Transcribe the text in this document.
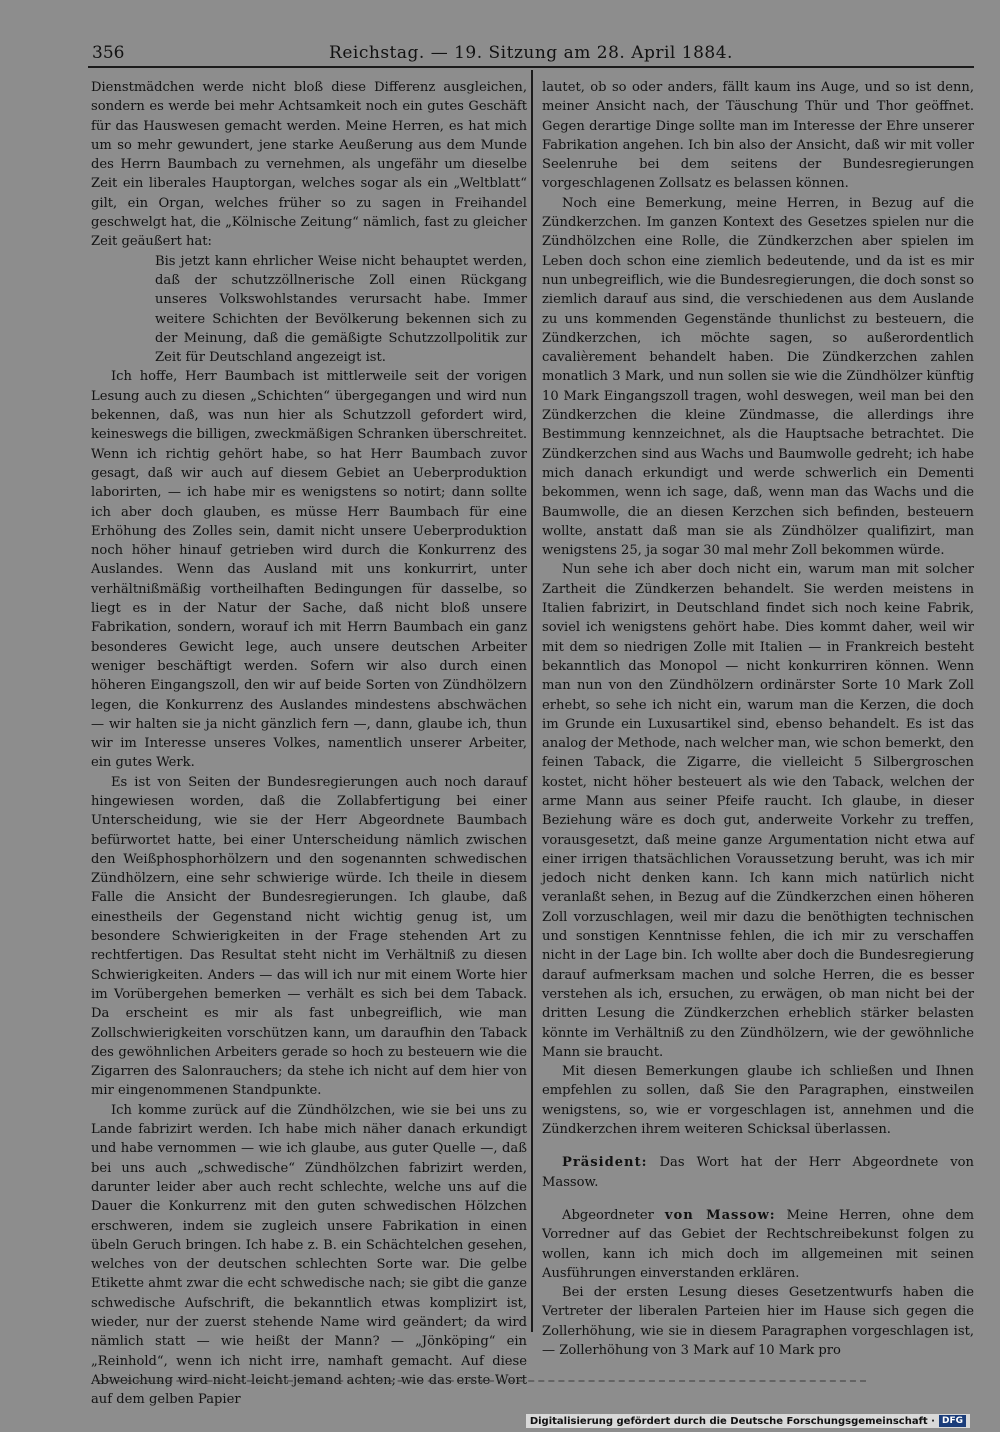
356	Reichstag. — 19. Sitzung am 28. April 1884.

Dienstmädchen werde nicht bloß diese Differenz ausgleichen, sondern es werde bei mehr Achtsamkeit noch ein gutes Geschäft für das Hauswesen gemacht werden. Meine Herren, es hat mich um so mehr gewundert, jene starke Aeußerung aus dem Munde des Herrn Baumbach zu vernehmen, als ungefähr um dieselbe Zeit ein liberales Hauptorgan, welches sogar als ein „Weltblatt“ gilt, ein Organ, welches früher so zu sagen in Freihandel geschwelgt hat, die „Kölnische Zeitung“ nämlich, fast zu gleicher Zeit geäußert hat:

Bis jetzt kann ehrlicher Weise nicht behauptet werden, daß der schutzzöllnerische Zoll einen Rückgang unseres Volkswohlstandes verursacht habe. Immer weitere Schichten der Bevölkerung bekennen sich zu der Meinung, daß die gemäßigte Schutzzollpolitik zur Zeit für Deutschland angezeigt ist.

Ich hoffe, Herr Baumbach ist mittlerweile seit der vorigen Lesung auch zu diesen „Schichten“ übergegangen und wird nun bekennen, daß, was nun hier als Schutzzoll gefordert wird, keineswegs die billigen, zweckmäßigen Schranken überschreitet. Wenn ich richtig gehört habe, so hat Herr Baumbach zuvor gesagt, daß wir auch auf diesem Gebiet an Ueberproduktion laborirten, — ich habe mir es wenigstens so notirt; dann sollte ich aber doch glauben, es müsse Herr Baumbach für eine Erhöhung des Zolles sein, damit nicht unsere Ueberproduktion noch höher hinauf getrieben wird durch die Konkurrenz des Auslandes. Wenn das Ausland mit uns konkurrirt, unter verhältnißmäßig vortheilhaften Bedingungen für dasselbe, so liegt es in der Natur der Sache, daß nicht bloß unsere Fabrikation, sondern, worauf ich mit Herrn Baumbach ein ganz besonderes Gewicht lege, auch unsere deutschen Arbeiter weniger beschäftigt werden. Sofern wir also durch einen höheren Eingangszoll, den wir auf beide Sorten von Zündhölzern legen, die Konkurrenz des Auslandes mindestens abschwächen — wir halten sie ja nicht gänzlich fern —, dann, glaube ich, thun wir im Interesse unseres Volkes, namentlich unserer Arbeiter, ein gutes Werk.

Es ist von Seiten der Bundesregierungen auch noch darauf hingewiesen worden, daß die Zollabfertigung bei einer Unterscheidung, wie sie der Herr Abgeordnete Baumbach befürwortet hatte, bei einer Unterscheidung nämlich zwischen den Weißphosphorhölzern und den sogenannten schwedischen Zündhölzern, eine sehr schwierige würde. Ich theile in diesem Falle die Ansicht der Bundesregierungen. Ich glaube, daß einestheils der Gegenstand nicht wichtig genug ist, um besondere Schwierigkeiten in der Frage stehenden Art zu rechtfertigen. Das Resultat steht nicht im Verhältniß zu diesen Schwierigkeiten. Anders — das will ich nur mit einem Worte hier im Vorübergehen bemerken — verhält es sich bei dem Taback. Da erscheint es mir als fast unbegreiflich, wie man Zollschwierigkeiten vorschützen kann, um daraufhin den Taback des gewöhnlichen Arbeiters gerade so hoch zu besteuern wie die Zigarren des Salonrauchers; da stehe ich nicht auf dem hier von mir eingenommenen Standpunkte.

Ich komme zurück auf die Zündhölzchen, wie sie bei uns zu Lande fabrizirt werden. Ich habe mich näher danach erkundigt und habe vernommen — wie ich glaube, aus guter Quelle —, daß bei uns auch „schwedische“ Zündhölzchen fabrizirt werden, darunter leider aber auch recht schlechte, welche uns auf die Dauer die Konkurrenz mit den guten schwedischen Hölzchen erschweren, indem sie zugleich unsere Fabrikation in einen übeln Geruch bringen. Ich habe z. B. ein Schächtelchen gesehen, welches von der deutschen schlechten Sorte war. Die gelbe Etikette ahmt zwar die echt schwedische nach; sie gibt die ganze schwedische Aufschrift, die bekanntlich etwas komplizirt ist, wieder, nur der zuerst stehende Name wird geändert; da wird nämlich statt — wie heißt der Mann? — „Jönköping“ ein „Reinhold“, wenn ich nicht irre, namhaft gemacht. Auf diese Abweichung wird nicht leicht jemand achten; wie das erste Wort auf dem gelben Papier

lautet, ob so oder anders, fällt kaum ins Auge, und so ist denn, meiner Ansicht nach, der Täuschung Thür und Thor geöffnet. Gegen derartige Dinge sollte man im Interesse der Ehre unserer Fabrikation angehen. Ich bin also der Ansicht, daß wir mit voller Seelenruhe bei dem seitens der Bundesregierungen vorgeschlagenen Zollsatz es belassen können.

Noch eine Bemerkung, meine Herren, in Bezug auf die Zündkerzchen. Im ganzen Kontext des Gesetzes spielen nur die Zündhölzchen eine Rolle, die Zündkerzchen aber spielen im Leben doch schon eine ziemlich bedeutende, und da ist es mir nun unbegreiflich, wie die Bundesregierungen, die doch sonst so ziemlich darauf aus sind, die verschiedenen aus dem Auslande zu uns kommenden Gegenstände thunlichst zu besteuern, die Zündkerzchen, ich möchte sagen, so außerordentlich cavalièrement behandelt haben. Die Zündkerzchen zahlen monatlich 3 Mark, und nun sollen sie wie die Zündhölzer künftig 10 Mark Eingangszoll tragen, wohl deswegen, weil man bei den Zündkerzchen die kleine Zündmasse, die allerdings ihre Bestimmung kennzeichnet, als die Hauptsache betrachtet. Die Zündkerzchen sind aus Wachs und Baumwolle gedreht; ich habe mich danach erkundigt und werde schwerlich ein Dementi bekommen, wenn ich sage, daß, wenn man das Wachs und die Baumwolle, die an diesen Kerzchen sich befinden, besteuern wollte, anstatt daß man sie als Zündhölzer qualifizirt, man wenigstens 25, ja sogar 30 mal mehr Zoll bekommen würde.

Nun sehe ich aber doch nicht ein, warum man mit solcher Zartheit die Zündkerzen behandelt. Sie werden meistens in Italien fabrizirt, in Deutschland findet sich noch keine Fabrik, soviel ich wenigstens gehört habe. Dies kommt daher, weil wir mit dem so niedrigen Zolle mit Italien — in Frankreich besteht bekanntlich das Monopol — nicht konkurriren können. Wenn man nun von den Zündhölzern ordinärster Sorte 10 Mark Zoll erhebt, so sehe ich nicht ein, warum man die Kerzen, die doch im Grunde ein Luxusartikel sind, ebenso behandelt. Es ist das analog der Methode, nach welcher man, wie schon bemerkt, den feinen Taback, die Zigarre, die vielleicht 5 Silbergroschen kostet, nicht höher besteuert als wie den Taback, welchen der arme Mann aus seiner Pfeife raucht. Ich glaube, in dieser Beziehung wäre es doch gut, anderweite Vorkehr zu treffen, vorausgesetzt, daß meine ganze Argumentation nicht etwa auf einer irrigen thatsächlichen Voraussetzung beruht, was ich mir jedoch nicht denken kann. Ich kann mich natürlich nicht veranlaßt sehen, in Bezug auf die Zündkerzchen einen höheren Zoll vorzuschlagen, weil mir dazu die benöthigten technischen und sonstigen Kenntnisse fehlen, die ich mir zu verschaffen nicht in der Lage bin. Ich wollte aber doch die Bundesregierung darauf aufmerksam machen und solche Herren, die es besser verstehen als ich, ersuchen, zu erwägen, ob man nicht bei der dritten Lesung die Zündkerzchen erheblich stärker belasten könnte im Verhältniß zu den Zündhölzern, wie der gewöhnliche Mann sie braucht.

Mit diesen Bemerkungen glaube ich schließen und Ihnen empfehlen zu sollen, daß Sie den Paragraphen, einstweilen wenigstens, so, wie er vorgeschlagen ist, annehmen und die Zündkerzchen ihrem weiteren Schicksal überlassen.

Präsident: Das Wort hat der Herr Abgeordnete von Massow.

Abgeordneter von Massow: Meine Herren, ohne dem Vorredner auf das Gebiet der Rechtschreibekunst folgen zu wollen, kann ich mich doch im allgemeinen mit seinen Ausführungen einverstanden erklären.

Bei der ersten Lesung dieses Gesetzentwurfs haben die Vertreter der liberalen Parteien hier im Hause sich gegen die Zollerhöhung, wie sie in diesem Paragraphen vorgeschlagen ist, — Zollerhöhung von 3 Mark auf 10 Mark pro

Digitalisierung gefördert durch die Deutsche Forschungsgemeinschaft · DFG
